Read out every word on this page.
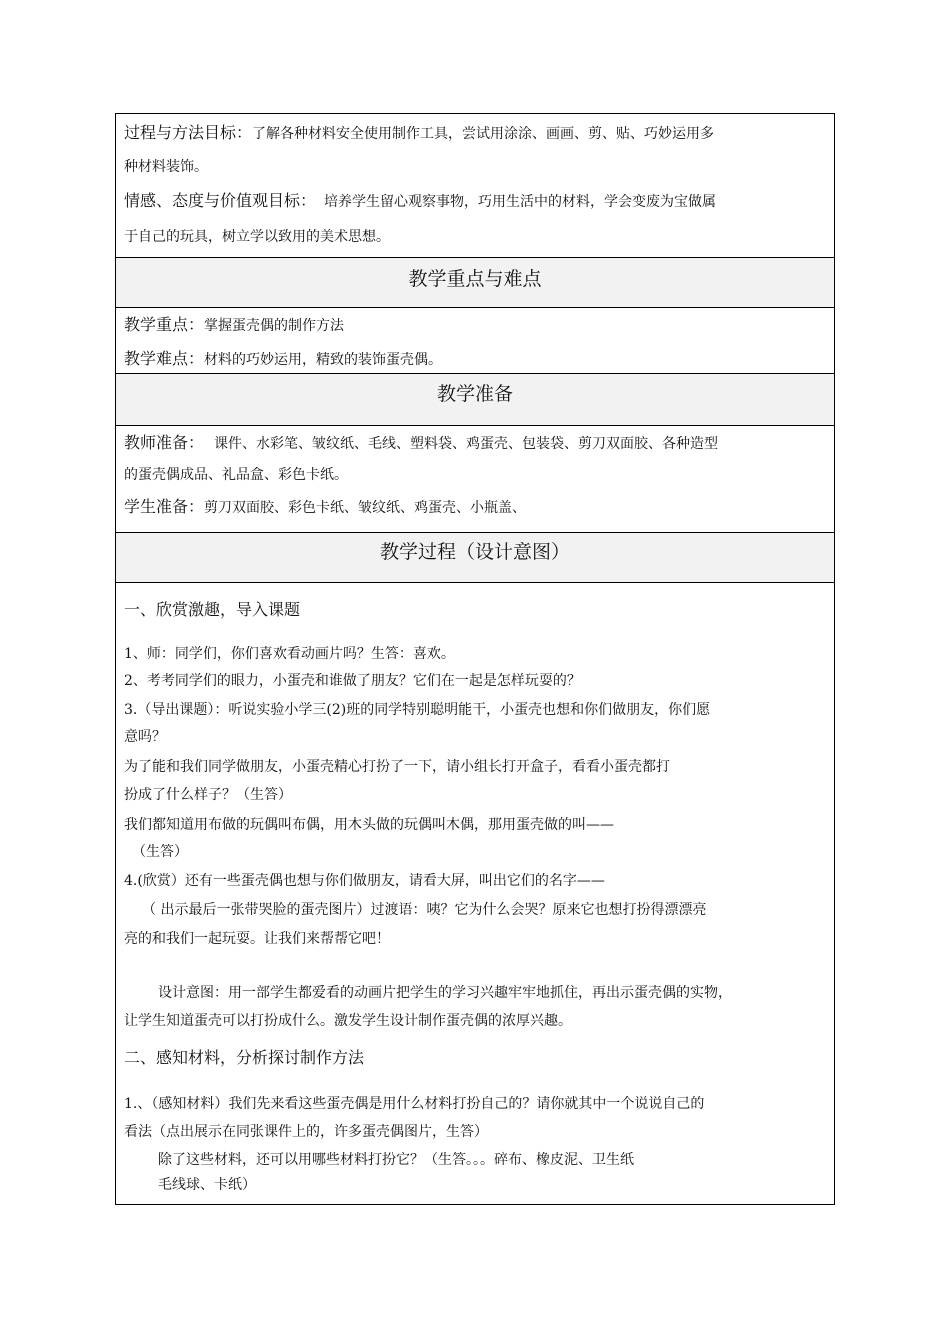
过程与方法目标：了解各种材料安全使用制作工具，尝试用涂涂、画画、剪、贴、巧妙运用多
种材料装饰。
情感、态度与价值观目标： 培养学生留心观察事物，巧用生活中的材料，学会变废为宝做属
于自己的玩具，树立学以致用的美术思想。
教学重点与难点
教学重点：掌握蛋壳偶的制作方法
教学难点：材料的巧妙运用，精致的装饰蛋壳偶。
教学准备
教师准备： 课件、水彩笔、皱纹纸、毛线、塑料袋、鸡蛋壳、包装袋、剪刀双面胶、各种造型
的蛋壳偶成品、礼品盒、彩色卡纸。
学生准备：剪刀双面胶、彩色卡纸、皱纹纸、鸡蛋壳、小瓶盖、
教学过程（设计意图）
一、欣赏激趣，导入课题
1、师：同学们，你们喜欢看动画片吗？生答：喜欢。
2、考考同学们的眼力，小蛋壳和谁做了朋友？它们在一起是怎样玩耍的？
3.（导出课题）：听说实验小学三(2)班的同学特别聪明能干，小蛋壳也想和你们做朋友，你们愿
意吗？
为了能和我们同学做朋友，小蛋壳精心打扮了一下，请小组长打开盒子，看看小蛋壳都打
扮成了什么样子？（生答）
我们都知道用布做的玩偶叫布偶，用木头做的玩偶叫木偶，那用蛋壳做的叫——
（生答）
4.(欣赏）还有一些蛋壳偶也想与你们做朋友，请看大屏，叫出它们的名字——
（ 出示最后一张带哭脸的蛋壳图片）过渡语：咦？它为什么会哭？原来它也想打扮得漂漂亮
亮的和我们一起玩耍。让我们来帮帮它吧！
设计意图：用一部学生都爱看的动画片把学生的学习兴趣牢牢地抓住，再出示蛋壳偶的实物，
让学生知道蛋壳可以打扮成什么。激发学生设计制作蛋壳偶的浓厚兴趣。
二、感知材料，分析探讨制作方法
1.、（感知材料）我们先来看这些蛋壳偶是用什么材料打扮自己的？请你就其中一个说说自己的
看法（点出展示在同张课件上的，许多蛋壳偶图片，生答）
除了这些材料，还可以用哪些材料打扮它？（生答。。。碎布、橡皮泥、卫生纸
毛线球、卡纸）
